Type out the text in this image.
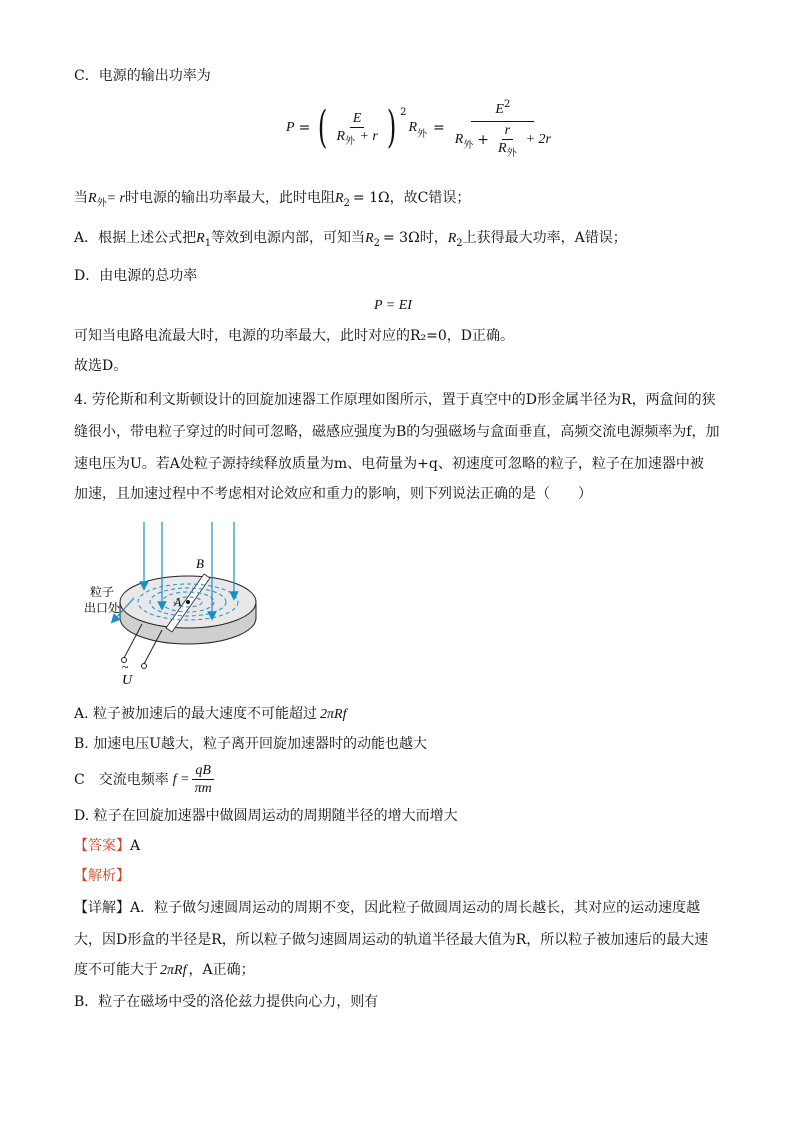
C．电源的输出功率为
P = ( $\frac{E}{R_外 + r}$ ) 2
R 外 =
$E^2$
R 外 + $\frac{r}{R_外} + 2r$
当$R_外= r$时电源的输出功率最大，此时电阻$R_2 = 1\Omega$，故C错误；
A．根据上述公式把$R_1$等效到电源内部，可知当$R_2 = 3\Omega$时，$R_2$上获得最大功率，A错误；
D．由电源的总功率
P = EI
可知当电路电流最大时，电源的功率最大，此时对应的R₂=0，D正确。
故选D。
4. 劳伦斯和利文斯顿设计的回旋加速器工作原理如图所示，置于真空中的D形金属半径为R，两盒间的狭
缝很小，带电粒子穿过的时间可忽略，磁感应强度为B的匀强磁场与盒面垂直，高频交流电源频率为f，加
速电压为U。若A处粒子源持续释放质量为m、电荷量为+q、初速度可忽略的粒子，粒子在加速器中被
加速，且加速过程中不考虑相对论效应和重力的影响，则下列说法正确的是（　　）
B
A
粒子
出口处
U
~
A. 粒子被加速后的最大速度不可能超过 2πRf
B. 加速电压U越大，粒子离开回旋加速器时的动能也越大
C　交流电频率 $f = \frac{qB}{\pi m}$
D. 粒子在回旋加速器中做圆周运动的周期随半径的增大而增大
【答案】A
【解析】
【详解】A．粒子做匀速圆周运动的周期不变，因此粒子做圆周运动的周长越长，其对应的运动速度越
大，因D形盒的半径是R，所以粒子做匀速圆周运动的轨道半径最大值为R，所以粒子被加速后的最大速
度不可能大于 2πRf ，A正确；
B．粒子在磁场中受的洛伦兹力提供向心力，则有
